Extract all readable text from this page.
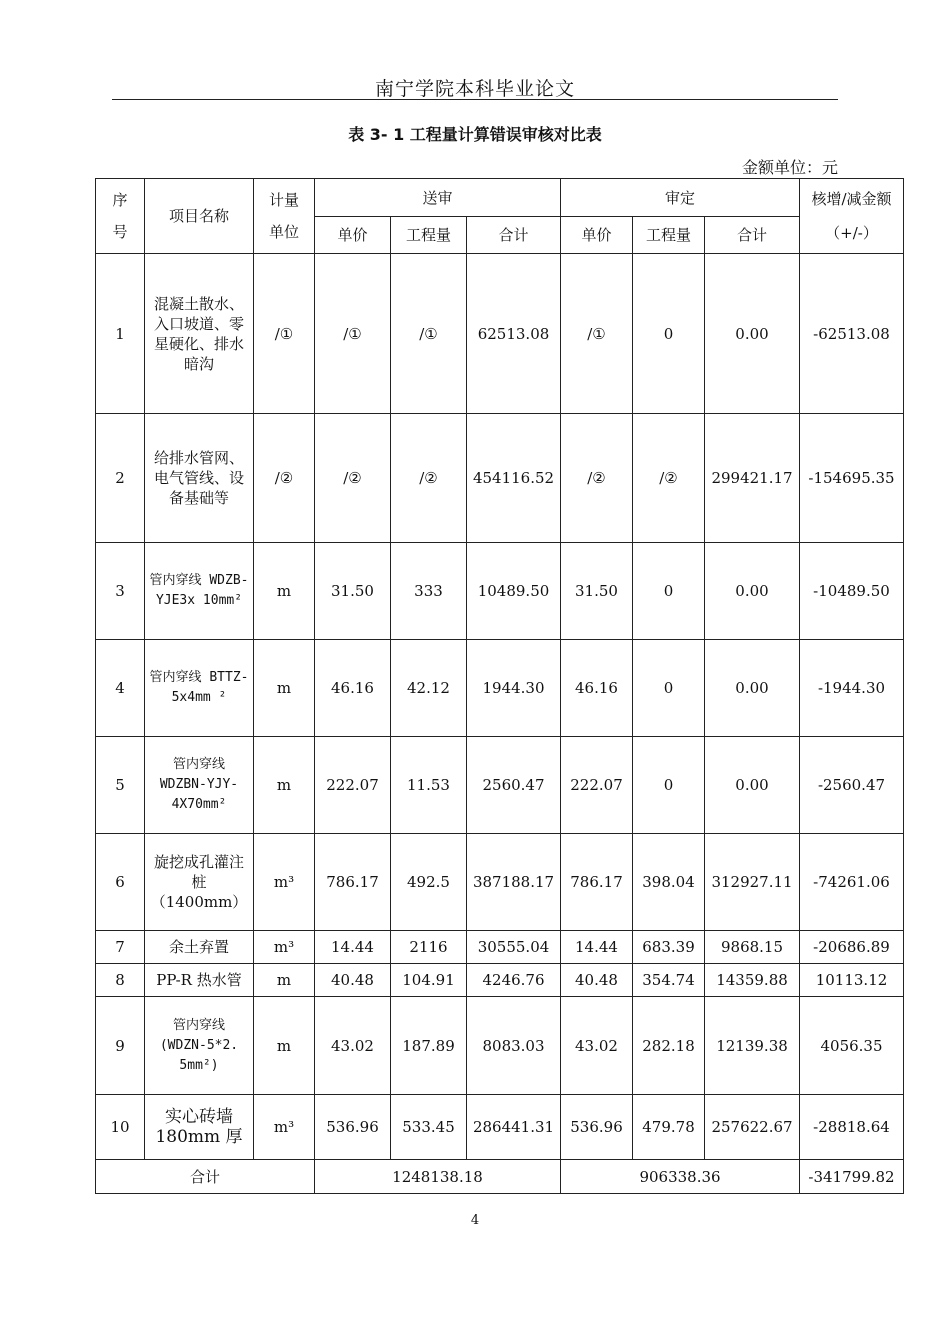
南宁学院本科毕业论文
表 3- 1 工程量计算错误审核对比表
金额单位：元
序号	项目名称	计量单位	送审			审定			核增/减金额（+/-）

			单价	工程量	合计	单价	工程量	合计	
1	混凝土散水、入口坡道、零星硬化、排水暗沟	/①	/①	/①	62513.08	/①	0	0.00	-62513.08
2	给排水管网、电气管线、设备基础等	/②	/②	/②	454116.52	/②	/②	299421.17	-154695.35
3	管内穿线 WDZB-YJE3x 10mm²	m	31.50	333	10489.50	31.50	0	0.00	-10489.50
4	管内穿线 BTTZ-5x4mm ²	m	46.16	42.12	1944.30	46.16	0	0.00	-1944.30
5	管内穿线 WDZBN-YJY- 4X70mm²	m	222.07	11.53	2560.47	222.07	0	0.00	-2560.47
6	旋挖成孔灌注桩（1400mm）	m³	786.17	492.5	387188.17	786.17	398.04	312927.11	-74261.06
7	余土弃置	m³	14.44	2116	30555.04	14.44	683.39	9868.15	-20686.89
8	PP-R 热水管	m	40.48	104.91	4246.76	40.48	354.74	14359.88	10113.12
9	管内穿线 (WDZN-5*2. 5mm²)	m	43.02	187.89	8083.03	43.02	282.18	12139.38	4056.35
10	实心砖墙 180mm 厚	m³	536.96	533.45	286441.31	536.96	479.78	257622.67	-28818.64
合计			1248138.18			906338.36			-341799.82
4
